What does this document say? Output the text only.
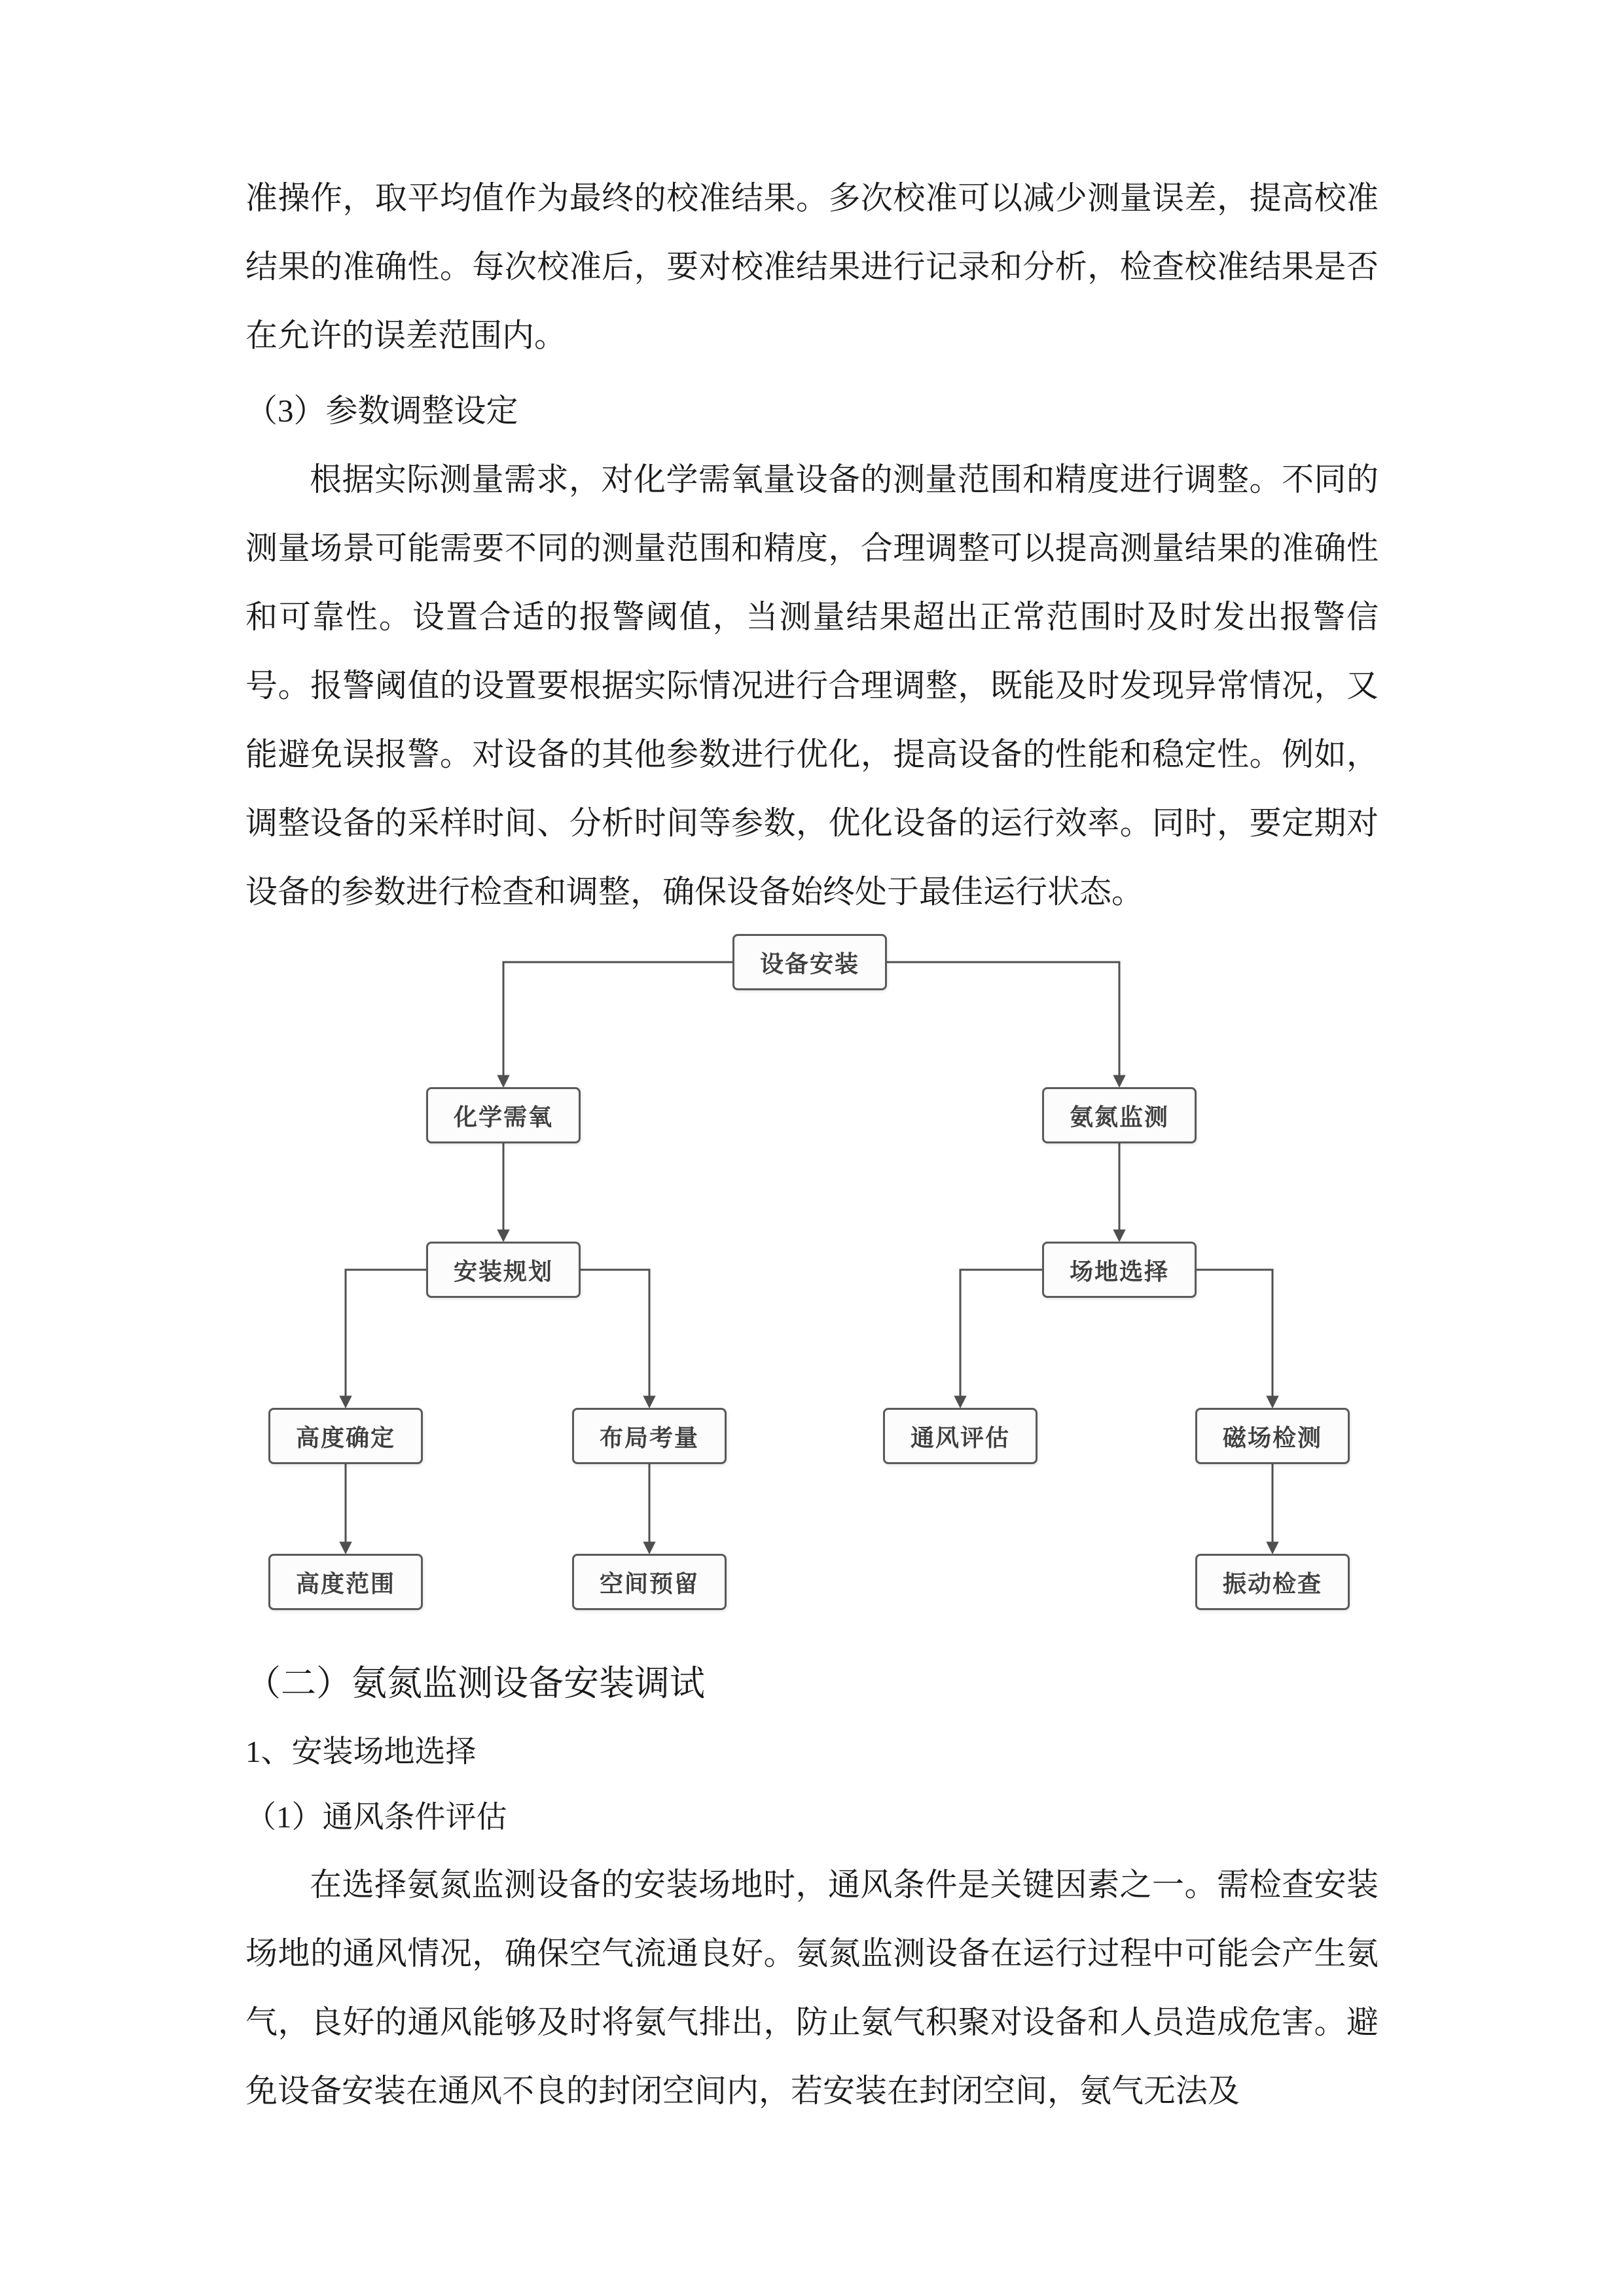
准操作，取平均值作为最终的校准结果。多次校准可以减少测量误差，提高校准结果的准确性。每次校准后，要对校准结果进行记录和分析，检查校准结果是否在允许的误差范围内。

（3）参数调整设定

根据实际测量需求，对化学需氧量设备的测量范围和精度进行调整。不同的测量场景可能需要不同的测量范围和精度，合理调整可以提高测量结果的准确性和可靠性。设置合适的报警阈值，当测量结果超出正常范围时及时发出报警信号。报警阈值的设置要根据实际情况进行合理调整，既能及时发现异常情况，又能避免误报警。对设备的其他参数进行优化，提高设备的性能和稳定性。例如，调整设备的采样时间、分析时间等参数，优化设备的运行效率。同时，要定期对设备的参数进行检查和调整，确保设备始终处于最佳运行状态。

设备安装
化学需氧	氨氮监测
安装规划	场地选择
高度确定	布局考量	通风评估	磁场检测
高度范围	空间预留	振动检查

（二）氨氮监测设备安装调试

1、安装场地选择

（1）通风条件评估

在选择氨氮监测设备的安装场地时，通风条件是关键因素之一。需检查安装场地的通风情况，确保空气流通良好。氨氮监测设备在运行过程中可能会产生氨气，良好的通风能够及时将氨气排出，防止氨气积聚对设备和人员造成危害。避免设备安装在通风不良的封闭空间内，若安装在封闭空间，氨气无法及
